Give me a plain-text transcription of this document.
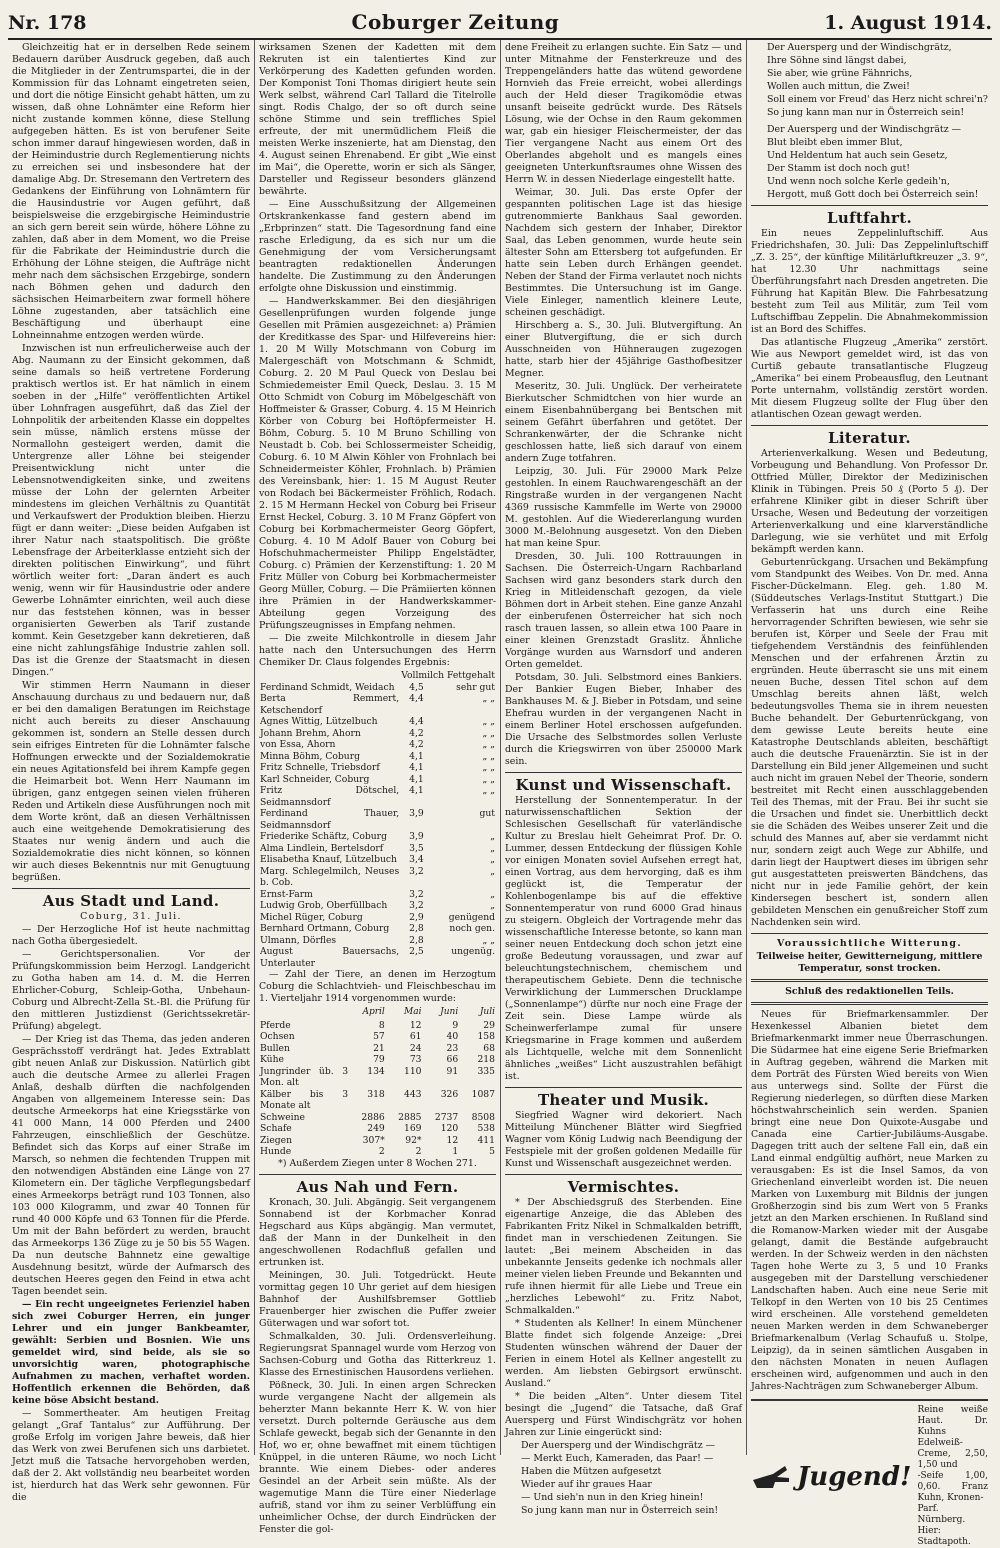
Nr. 178	Coburger Zeitung	1. August 1914.

Gleichzeitig hat er in derselben Rede seinem Bedauern darüber Ausdruck gegeben, daß auch die Mitglieder in der Zentrumspartei, die in der Kommission für das Lohnamt eingetreten seien, und dort die nötige Einsicht gehabt hätten, um zu wissen, daß ohne Lohnämter eine Reform hier nicht zustande kommen könne, diese Stellung aufgegeben hätten. Es ist von berufener Seite schon immer darauf hingewiesen worden, daß in der Heimindustrie durch Reglementierung nichts zu erreichen sei und insbesondere hat der damalige Abg. Dr. Stresemann den Vertretern des Gedankens der Einführung von Lohnämtern für die Hausindustrie vor Augen geführt, daß beispielsweise die erzgebirgische Heimindustrie an sich gern bereit sein würde, höhere Löhne zu zahlen, daß aber in dem Moment, wo die Preise für die Fabrikate der Heimindustrie durch die Erhöhung der Löhne steigen, die Aufträge nicht mehr nach dem sächsischen Erzgebirge, sondern nach Böhmen gehen und dadurch den sächsischen Heimarbeitern zwar formell höhere Löhne zugestanden, aber tatsächlich eine Beschäftigung und überhaupt eine Lohneinnahme entzogen werden würde.

Inzwischen ist nun erfreulicherweise auch der Abg. Naumann zu der Einsicht gekommen, daß seine damals so heiß vertretene Forderung praktisch wertlos ist. Er hat nämlich in einem soeben in der „Hilfe“ veröffentlichten Artikel über Lohnfragen ausgeführt, daß das Ziel der Lohnpolitik der arbeitenden Klasse ein doppeltes sein müsse, nämlich erstens müsse der Normallohn gesteigert werden, damit die Untergrenze aller Löhne bei steigender Preisentwicklung nicht unter die Lebensnotwendigkeiten sinke, und zweitens müsse der Lohn der gelernten Arbeiter mindestens im gleichen Verhältnis zu Quantität und Verkaufswert der Produktion bleiben. Hierzu fügt er dann weiter: „Diese beiden Aufgaben ist ihrer Natur nach staatspolitisch. Die größte Lebensfrage der Arbeiterklasse entzieht sich der direkten politischen Einwirkung“, und führt wörtlich weiter fort: „Daran ändert es auch wenig, wenn wir für Hausindustrie oder andere Gewerbe Lohnämter einrichten, weil auch diese nur das feststehen können, was in besser organisierten Gewerben als Tarif zustande kommt. Kein Gesetzgeber kann dekretieren, daß eine nicht zahlungsfähige Industrie zahlen soll. Das ist die Grenze der Staatsmacht in diesen Dingen.“

Wir stimmen Herrn Naumann in dieser Anschauung durchaus zu und bedauern nur, daß er bei den damaligen Beratungen im Reichstage nicht auch bereits zu dieser Anschauung gekommen ist, sondern an Stelle dessen durch sein eifriges Eintreten für die Lohnämter falsche Hoffnungen erweckte und der Sozialdemokratie ein neues Agitationsfeld bei ihrem Kampfe gegen die Heimarbeit bot. Wenn Herr Naumann im übrigen, ganz entgegen seinen vielen früheren Reden und Artikeln diese Ausführungen noch mit dem Worte krönt, daß an diesen Verhältnissen auch eine weitgehende Demokratisierung des Staates nur wenig ändern und auch die Sozialdemokratie dies nicht können, so können wir auch dieses Bekenntnis nur mit Genugtuung begrüßen.

Aus Stadt und Land.

Coburg, 31. Juli.

— Der Herzogliche Hof ist heute nachmittag nach Gotha übergesiedelt.

— Gerichtspersonalien. Vor der Prüfungskommission beim Herzogl. Landgericht zu Gotha haben am 14. d. M. die Herren Ehrlicher-Coburg, Schleip-Gotha, Unbehaun-Coburg und Albrecht-Zella St.-Bl. die Prüfung für den mittleren Justizdienst (Gerichtssekretär-Prüfung) abgelegt.

— Der Krieg ist das Thema, das jeden anderen Gesprächsstoff verdrängt hat. Jedes Extrablatt gibt neuen Anlaß zur Diskussion. Natürlich gibt auch die deutsche Armee zu allerlei Fragen Anlaß, deshalb dürften die nachfolgenden Angaben von allgemeinem Interesse sein: Das deutsche Armeekorps hat eine Kriegsstärke von 41 000 Mann, 14 000 Pferden und 2400 Fahrzeugen, einschließlich der Geschütze. Befindet sich das Korps auf einer Straße im Marsch, so nehmen die fechtenden Truppen mit den notwendigen Abständen eine Länge von 27 Kilometern ein. Der tägliche Verpflegungsbedarf eines Armeekorps beträgt rund 103 Tonnen, also 103 000 Kilogramm, und zwar 40 Tonnen für rund 40 000 Köpfe und 63 Tonnen für die Pferde. Um mit der Bahn befördert zu werden, braucht das Armeekorps 136 Züge zu je 50 bis 55 Wagen. Da nun deutsche Bahnnetz eine gewaltige Ausdehnung besitzt, würde der Aufmarsch des deutschen Heeres gegen den Feind in etwa acht Tagen beendet sein.

— Ein recht ungeeignetes Ferienziel haben sich zwei Coburger Herren, ein junger Lehrer und ein junger Bankbeamter, gewählt: Serbien und Bosnien. Wie uns gemeldet wird, sind beide, als sie so unvorsichtig waren, photographische Aufnahmen zu machen, verhaftet worden. Hoffentlich erkennen die Behörden, daß keine böse Absicht bestand.

— Sommertheater. Am heutigen Freitag gelangt „Graf Tantalus“ zur Aufführung. Der große Erfolg im vorigen Jahre beweis, daß hier das Werk von zwei Berufenen sich uns darbietet. Jetzt muß die Tatsache hervorgehoben werden, daß der 2. Akt vollständig neu bearbeitet worden ist, hierdurch hat das Werk sehr gewonnen. Für die

wirksamen Szenen der Kadetten mit dem Rekruten ist ein talentiertes Kind zur Verkörperung des Kadetten gefunden worden. Der Komponist Toni Thomas dirigiert heute sein Werk selbst, während Carl Tallard die Titelrolle singt. Rodis Chalgo, der so oft durch seine schöne Stimme und sein treffliches Spiel erfreute, der mit unermüdlichem Fleiß die meisten Werke inszenierte, hat am Dienstag, den 4. August seinen Ehrenabend. Er gibt „Wie einst im Mai“, die Operette, worin er sich als Sänger, Darsteller und Regisseur besonders glänzend bewährte.

— Eine Ausschußsitzung der Allgemeinen Ortskrankenkasse fand gestern abend im „Erbprinzen“ statt. Die Tagesordnung fand eine rasche Erledigung, da es sich nur um die Genehmigung der vom Versicherungsamt beantragten redaktionellen Änderungen handelte. Die Zustimmung zu den Änderungen erfolgte ohne Diskussion und einstimmig.

— Handwerkskammer. Bei den diesjährigen Gesellenprüfungen wurden folgende junge Gesellen mit Prämien ausgezeichnet: a) Prämien der Kreditkasse des Spar- und Hilfevereins hier: 1. 20 M Willy Motschmann von Coburg im Malergeschäft von Motschmann & Schmidt, Coburg. 2. 20 M Paul Queck von Deslau bei Schmiedemeister Emil Queck, Deslau. 3. 15 M Otto Schmidt von Coburg im Möbelgeschäft von Hoffmeister & Grasser, Coburg. 4. 15 M Heinrich Körber von Coburg bei Hoftöpfermeister H. Böhm, Coburg. 5. 10 M Bruno Schilling von Neustadt b. Cob. bei Schlossermeister Scheidig, Coburg. 6. 10 M Alwin Köhler von Frohnlach bei Schneidermeister Köhler, Frohnlach. b) Prämien des Vereinsbank, hier: 1. 15 M August Reuter von Rodach bei Bäckermeister Fröhlich, Rodach. 2. 15 M Hermann Heckel von Coburg bei Friseur Ernst Heckel, Coburg. 3. 10 M Franz Göpfert von Coburg bei Korbmachermeister Georg Göpfert, Coburg. 4. 10 M Adolf Bauer von Coburg bei Hofschuhmachermeister Philipp Engelstädter, Coburg. c) Prämien der Kerzenstiftung: 1. 20 M Fritz Müller von Coburg bei Korbmachermeister Georg Müller, Coburg. — Die Prämiierten können ihre Prämien in der Handwerkskammer-Abteilung gegen Vorzeigung des Prüfungszeugnisses in Empfang nehmen.

— Die zweite Milchkontrolle in diesem Jahr hatte nach den Untersuchungen des Herrn Chemiker Dr. Claus folgendes Ergebnis:

	Vollmilch Fettgehalt	
Ferdinand Schmidt, Weidach	4,5	sehr gut
Berta Remmert, Ketschendorf	4,4	„ „
Agnes Wittig, Lützelbuch	4,4	„ „
Johann Brehm, Ahorn	4,2	„ „
von Essa, Ahorn	4,2	„ „
Minna Böhm, Coburg	4,1	„ „
Fritz Schnelle, Triebsdorf	4,1	„ „
Karl Schneider, Coburg	4,1	„ „
Fritz Dötschel, Seidmannsdorf	4,1	„ „
Ferdinand Thauer, Seidmannsdorf	3,9	gut
Friederike Schäftz, Coburg	3,9	„
Alma Lindlein, Bertelsdorf	3,5	„
Elisabetha Knauf, Lützelbuch	3,4	„
Marg. Schlegelmilch, Neuses b. Cob.	3,2	„
Ernst-Farm	3,2	„
Ludwig Grob, Oberfüllbach	3,2	„
Michel Rüger, Coburg	2,9	genügend
Bernhard Ortmann, Coburg	2,8	noch gen.
Ulmann, Dörfles	2,8	„ „
August Bauersachs, Unterlauter	2,5	ungenüg.

— Zahl der Tiere, an denen im Herzogtum Coburg die Schlachtvieh- und Fleischbeschau im 1. Vierteljahr 1914 vorgenommen wurde:

	April	Mai	Juni	Juli
Pferde	8	12	9	29
Ochsen	57	61	40	158
Bullen	21	24	23	68
Kühe	79	73	66	218
Jungrinder üb. 3 Mon. alt	134	110	91	335
Kälber bis 3 Monate alt	318	443	326	1087
Schweine	2886	2885	2737	8508
Schafe	249	169	120	538
Ziegen	307*	92*	12	411
Hunde	2	2	1	5

*) Außerdem Ziegen unter 8 Wochen 271.

Aus Nah und Fern.

Kronach, 30. Juli. Abgängig. Seit vergangenem Sonnabend ist der Korbmacher Konrad Hegschard aus Küps abgängig. Man vermutet, daß der Mann in der Dunkelheit in den angeschwollenen Rodachfluß gefallen und ertrunken ist.

Meiningen, 30. Juli. Totgedrückt. Heute vormittag gegen 10 Uhr geriet auf dem hiesigen Bahnhof der Aushilfsbremser Gottlieb Frauenberger hier zwischen die Puffer zweier Güterwagen und war sofort tot.

Schmalkalden, 30. Juli. Ordensverleihung. Regierungsrat Spannagel wurde vom Herzog von Sachsen-Coburg und Gotha das Ritterkreuz 1. Klasse des Ernestinischen Hausordens verliehen.

Pößneck, 30. Juli. In einen argen Schrecken wurde vergangene Nacht der allgemein als beherzter Mann bekannte Herr K. W. von hier versetzt. Durch polternde Geräusche aus dem Schlafe geweckt, begab sich der Genannte in den Hof, wo er, ohne bewaffnet mit einem tüchtigen Knüppel, in die unteren Räume, wo noch Licht brannte. Wie einem Diebes- oder anderes Gesindel an der Arbeit sein müßte. Als der wagemutige Mann die Türe einer Niederlage aufriß, stand vor ihm zu seiner Verblüffung ein unheimlicher Ochse, der durch Eindrücken der Fenster die gol-

dene Freiheit zu erlangen suchte. Ein Satz — und unter Mitnahme der Fensterkreuze und des Treppengeländers hatte das wütend gewordene Hornvieh das Freie erreicht, wobei allerdings auch der Held dieser Tragikomödie etwas unsanft beiseite gedrückt wurde. Des Rätsels Lösung, wie der Ochse in den Raum gekommen war, gab ein hiesiger Fleischermeister, der das Tier vergangene Nacht aus einem Ort des Oberlandes abgeholt und es mangels eines geeigneten Unterkunftsraumes ohne Wissen des Herrn W. in dessen Niederlage eingestellt hatte.

Weimar, 30. Juli. Das erste Opfer der gespannten politischen Lage ist das hiesige gutrenommierte Bankhaus Saal geworden. Nachdem sich gestern der Inhaber, Direktor Saal, das Leben genommen, wurde heute sein ältester Sohn am Ettersberg tot aufgefunden. Er hatte sein Leben durch Erhängen geendet. Neben der Stand der Firma verlautet noch nichts Bestimmtes. Die Untersuchung ist im Gange. Viele Einleger, namentlich kleinere Leute, scheinen geschädigt.

Hirschberg a. S., 30. Juli. Blutvergiftung. An einer Blutvergiftung, die er sich durch Ausschneiden von Hühneraugen zugezogen hatte, starb hier der 45jährige Gasthofbesitzer Megner.

Meseritz, 30. Juli. Unglück. Der verheiratete Bierkutscher Schmidtchen von hier wurde an einem Eisenbahnübergang bei Bentschen mit seinem Gefährt überfahren und getötet. Der Schrankenwärter, der die Schranke nicht geschlossen hatte, ließ sich darauf von einem andern Zuge totfahren.

Leipzig, 30. Juli. Für 29000 Mark Pelze gestohlen. In einem Rauchwarengeschäft an der Ringstraße wurden in der vergangenen Nacht 4369 russische Kammfelle im Werte von 29000 M. gestohlen. Auf die Wiedererlangung wurden 3000 M.-Belohnung ausgesetzt. Von den Dieben hat man keine Spur.

Dresden, 30. Juli. 100 Rottrauungen in Sachsen. Die Österreich-Ungarn Rachbarland Sachsen wird ganz besonders stark durch den Krieg in Mitleidenschaft gezogen, da viele Böhmen dort in Arbeit stehen. Eine ganze Anzahl der einberufenen Österreicher hat sich noch rasch trauen lassen, so allein etwa 100 Paare in einer kleinen Grenzstadt Graslitz. Ähnliche Vorgänge wurden aus Warnsdorf und anderen Orten gemeldet.

Potsdam, 30. Juli. Selbstmord eines Bankiers. Der Bankier Eugen Bieber, Inhaber des Bankhauses M. & J. Bieber in Potsdam, und seine Ehefrau wurden in der vergangenen Nacht in einem Berliner Hotel erschossen aufgefunden. Die Ursache des Selbstmordes sollen Verluste durch die Kriegswirren von über 250000 Mark sein.

Kunst und Wissenschaft.

Herstellung der Sonnentemperatur. In der naturwissenschaftlichen Sektion der Schlesischen Gesellschaft für vaterländische Kultur zu Breslau hielt Geheimrat Prof. Dr. O. Lummer, dessen Entdeckung der flüssigen Kohle vor einigen Monaten soviel Aufsehen erregt hat, einen Vortrag, aus dem hervorging, daß es ihm geglückt ist, die Temperatur der Kohlenbogenlampe bis auf die effektive Sonnentemperatur von rund 6000 Grad hinaus zu steigern. Obgleich der Vortragende mehr das wissenschaftliche Interesse betonte, so kann man seiner neuen Entdeckung doch schon jetzt eine große Bedeutung voraussagen, und zwar auf beleuchtungstechnischem, chemischem und therapeutischem Gebiete. Denn die technische Verwirklichung der Lummerschen Drucklampe („Sonnenlampe“) dürfte nur noch eine Frage der Zeit sein. Diese Lampe würde als Scheinwerferlampe zumal für unsere Kriegsmarine in Frage kommen und außerdem als Lichtquelle, welche mit dem Sonnenlicht ähnliches „weißes“ Licht auszustrahlen befähigt ist.

Theater und Musik.

Siegfried Wagner wird dekoriert. Nach Mitteilung Münchener Blätter wird Siegfried Wagner vom König Ludwig nach Beendigung der Festspiele mit der großen goldenen Medaille für Kunst und Wissenschaft ausgezeichnet werden.

Vermischtes.

* Der Abschiedsgruß des Sterbenden. Eine eigenartige Anzeige, die das Ableben des Fabrikanten Fritz Nikel in Schmalkalden betrifft, findet man in verschiedenen Zeitungen. Sie lautet: „Bei meinem Abscheiden in das unbekannte Jenseits gedenke ich nochmals aller meiner vielen lieben Freunde und Bekannten und rufe ihnen hiermit für alle Liebe und Treue ein „herzliches Lebewohl“ zu. Fritz Nabot, Schmalkalden.“

* Studenten als Kellner! In einem Münchener Blatte findet sich folgende Anzeige: „Drei Studenten wünschen während der Dauer der Ferien in einem Hotel als Kellner angestellt zu werden. Am liebsten Gebirgsort erwünscht. Ausland.“

* Die beiden „Alten“. Unter diesem Titel besingt die „Jugend“ die Tatsache, daß Graf Auersperg und Fürst Windischgrätz vor hohen Jahren zur Linie eingerückt sind:

Der Auersperg und der Windischgrätz —

— Merkt Euch, Kameraden, das Paar! —

Haben die Mützen aufgesetzt

Wieder auf ihr graues Haar

— Und sieh'n nun in den Krieg hinein!

So jung kann man nur in Österreich sein!

Der Auersperg und der Windischgrätz,

Ihre Söhne sind längst dabei,

Sie aber, wie grüne Fähnrichs,

Wollen auch mittun, die Zwei!

Soll einem vor Freud' das Herz nicht schrei'n?

So jung kann man nur in Österreich sein!

Der Auersperg und der Windischgrätz —

Blut bleibt eben immer Blut,

Und Heldentum hat auch sein Gesetz,

Der Stamm ist doch noch gut!

Und wenn noch solche Kerle gedeih'n,

Hergott, muß Gott doch bei Österreich sein!

Luftfahrt.

Ein neues Zeppelinluftschiff. Aus Friedrichshafen, 30. Juli: Das Zeppelinluftschiff „Z. 3. 25“, der künftige Militärluftkreuzer „3. 9“, hat 12.30 Uhr nachmittags seine Überführungsfahrt nach Dresden angetreten. Die Führung hat Kapitän Blew. Die Fahrbesatzung besteht zum Teil aus Militär, zum Teil vom Luftschiffbau Zeppelin. Die Abnahmekommission ist an Bord des Schiffes.

Das atlantische Flugzeug „Amerika“ zerstört. Wie aus Newport gemeldet wird, ist das von Curtiß gebaute transatlantische Flugzeug „Amerika“ bei einem Probeausflug, den Leutnant Porte unternahm, vollständig zerstört worden. Mit diesem Flugzeug sollte der Flug über den atlantischen Ozean gewagt werden.

Literatur.

Arterienverkalkung. Wesen und Bedeutung, Vorbeugung und Behandlung. Von Professor Dr. Ottfried Müller, Direktor der Medizinischen Klinik in Tübingen. Preis 50 ₰ (Porto 5 ₰). Der erfahrene Kliniker gibt in dieser Schrift über Ursache, Wesen und Bedeutung der vorzeitigen Arterienverkalkung und eine klarverständliche Darlegung, wie sie verhütet und mit Erfolg bekämpft werden kann.

Geburtenrückgang. Ursachen und Bekämpfung vom Standpunkt des Weibes. Von Dr. med. Anna Fischer-Dückelmann. Eleg. geh. 1.80 M. (Süddeutsches Verlags-Institut Stuttgart.) Die Verfasserin hat uns durch eine Reihe hervorragender Schriften bewiesen, wie sehr sie berufen ist, Körper und Seele der Frau mit tiefgehendem Verständnis des feinfühlenden Menschen und der erfahrenen Ärztin zu ergründen. Heute überrascht sie uns mit einem neuen Buche, dessen Titel schon auf dem Umschlag bereits ahnen läßt, welch bedeutungsvolles Thema sie in ihrem neuesten Buche behandelt. Der Geburtenrückgang, von dem gewisse Leute bereits heute eine Katastrophe Deutschlands ableiten, beschäftigt auch die deutsche Frauenärztin. Sie ist in der Darstellung ein Bild jener Allgemeinen und sucht auch nicht im grauen Nebel der Theorie, sondern bestreitet mit Recht einen ausschlaggebenden Teil des Themas, mit der Frau. Bei ihr sucht sie die Ursachen und findet sie. Unerbittlich deckt sie die Schäden des Weibes unserer Zeit und die schuld des Mannes auf, aber sie verdammt nicht nur, sondern zeigt auch Wege zur Abhilfe, und darin liegt der Hauptwert dieses im übrigen sehr gut ausgestatteten preiswerten Bändchens, das nicht nur in jede Familie gehört, der kein Kindersegen beschert ist, sondern allen gebildeten Menschen ein genußreicher Stoff zum Nachdenken sein wird.

Voraussichtliche Witterung.

Teilweise heiter, Gewitterneigung, mittlere Temperatur, sonst trocken.

Schluß des redaktionellen Teils.

Neues für Briefmarkensammler. Der Hexenkessel Albanien bietet dem Briefmarkenmarkt immer neue Überraschungen. Die Südarmee hat eine eigene Serie Briefmarken in Auftrag gegeben, während die Marken mit dem Porträt des Fürsten Wied bereits von Wien aus unterwegs sind. Sollte der Fürst die Regierung niederlegen, so dürften diese Marken höchstwahrscheinlich sein werden. Spanien bringt eine neue Don Quixote-Ausgabe und Canada eine Cartier-Jubiläums-Ausgabe. Dagegen tritt auch der seltene Fall ein, daß ein Land einmal endgültig aufhört, neue Marken zu verausgaben: Es ist die Insel Samos, da von Griechenland einverleibt worden ist. Die neuen Marken von Luxemburg mit Bildnis der jungen Großherzogin sind bis zum Wert von 5 Franks jetzt an den Marken erschienen. In Rußland sind die Romanow-Marken wieder mit der Ausgabe gelangt, damit die Bestände aufgebraucht werden. In der Schweiz werden in den nächsten Tagen hohe Werte zu 3, 5 und 10 Franks ausgegeben mit der Darstellung verschiedener Landschaften haben. Auch eine neue Serie mit Telkopf in den Werten von 10 bis 25 Centimes wird erscheinen. Alle vorstehend gemeldeten neuen Marken werden in dem Schwaneberger Briefmarkenalbum (Verlag Schaufuß u. Stolpe, Leipzig), da in seinen sämtlichen Ausgaben in den nächsten Monaten in neuen Auflagen erscheinen wird, aufgenommen und auch in den Jahres-Nachträgen zum Schwaneberger Album.

Jugend!
Reine weiße Haut. Dr. Kuhns
Edelweiß-Creme, 2,50, 1,50 und
-Seife 1,00, 0,60. Franz Kuhn, Kronen-
Parf. Nürnberg. Hier: Stadtapoth.
